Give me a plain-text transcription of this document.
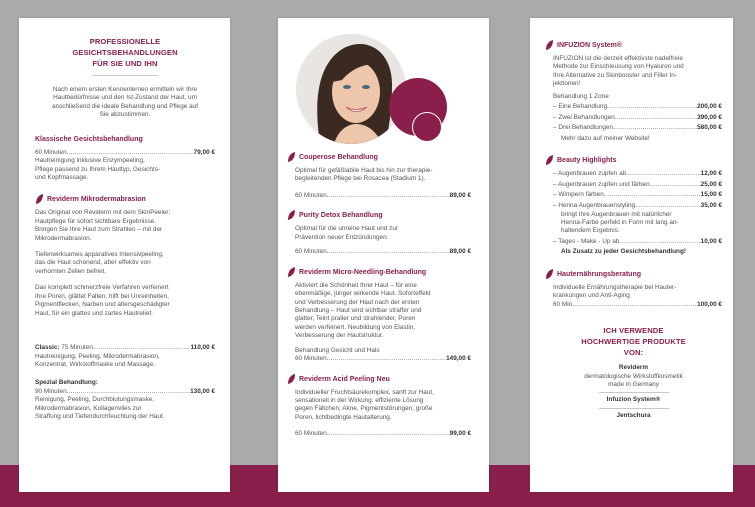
PROFESSIONELLE
GESICHTSBEHANDLUNGEN
FÜR SIE UND IHN
Nach einem ersten Kennenlernen ermitteln wir Ihre
Hautbedürfnisse und den Ist-Zustand der Haut, um
anschließend die ideale Behandlung und Pflege auf
Sie abzustimmen.
Klassische Gesichtsbehandlung
60 Minuten .....	79,00 €
Hautreinigung inklusive Enzympeeling,
Pflege passend zu Ihrem Hauttyp, Gesichts-
und Kopfmassage.
Reviderm Mikrodermabrasion
Das Original von Reviderm mit dem SkinPeeler:
Hautpflege für sofort sichtbare Ergebnisse.
Bringen Sie Ihre Haut zum Strahlen – mit der
Mikrodermabrasion.
Tiefenwirksames apparatives Intensivpeeling,
das die Haut schonend, aber effektiv von
verhornten Zellen befreit.
Das komplett schmerzfreie Verfahren verfeinert
Ihre Poren, glättet Falten, hilft bei Unreinheiten,
Pigmentflecken, Narben und altersgeschädigter
Haut, für ein glattes und zartes Hautrelief.
Classic: 75 Minuten .....	110,00 €
Hautreinigung, Peeling, Mikrodermabrasion,
Konzentrat, Wirkstoffmaske und Massage.
Spezial Behandlung:
90 Minuten .....	130,00 €
Reinigung, Peeling, Durchblutungsmaske,
Mikrodermabrasion, Kollagenvlies zur
Straffung und Tiefendurchfeuchtung der Haut.
Couperose Behandlung
Optimal für gefäßlabile Haut bis hin zur therapie-
begleitenden Pflege bei Rosacea (Stadium 1).
60 Minuten .....	89,00 €
Purity Detox Behandlung
Optimal für die unreine Haut und zur
Prävention neuer Entzündungen.
60 Minuten .....	89,00 €
Reviderm Micro-Needling-Behandlung
Aktiviert die Schönheit Ihrer Haut – für eine
ebenmäßige, jünger wirkende Haut. Soforteffekt
und Verbesserung der Haut nach der ersten
Behandlung – Haut wird sichtbar straffer und
glatter, Teint praller und strahlender, Poren
werden verfeinert. Neubildung von Elastin,
Verbesserung der Hautstruktur.
Behandlung Gesicht und Hals
60 Minuten .....	149,00 €
Reviderm Acid Peeling Neu
Individueller Fruchtsäurekomplex, sanft zur Haut,
sensationell in der Wirkung: effiziente Lösung
gegen Fältchen, Akne, Pigmentstörungen, große
Poren, lichtbedingte Hautalterung.
60 Minuten .....	99,00 €
INFUZION System®
INFUZION ist die derzeit effektivste nadelfreie
Methode zur Einschleusung von Hyaluron und
Ihre Alternative zu Skinbooster und Filler In-
jektionen!
Behandlung 1 Zone
– Eine Behandlung .....	200,00 €
– Zwei Behandlungen .....	390,00 €
– Drei Behandlungen .....	580,00 €
Mehr dazu auf meiner Website!
Beauty Highlights
– Augenbrauen zupfen ab .....	12,00 €
– Augenbrauen zupfen und färben .....	25,00 €
– Wimpern färben .....	15,00 €
– Henna Augenbrauenstyling .....	35,00 €
bringt Ihre Augenbrauen mit natürlicher
Henna-Farbe perfekt in Form mit lang an-
haltendem Ergebnis.
– Tages - Make - Up ab .....	10,00 €
Als Zusatz zu jeder Gesichtsbehandlung!
Hauternährungsberatung
Individuelle Ernährungstherapie bei Hauter-
krankungen und Anti-Aging
60 Min .....	100,00 €
ICH VERWENDE
HOCHWERTIGE PRODUKTE
VON:
Reviderm
dermatologische Wirkstoffkosmetik
made in Germany
Infuzion System®
Jentschura
